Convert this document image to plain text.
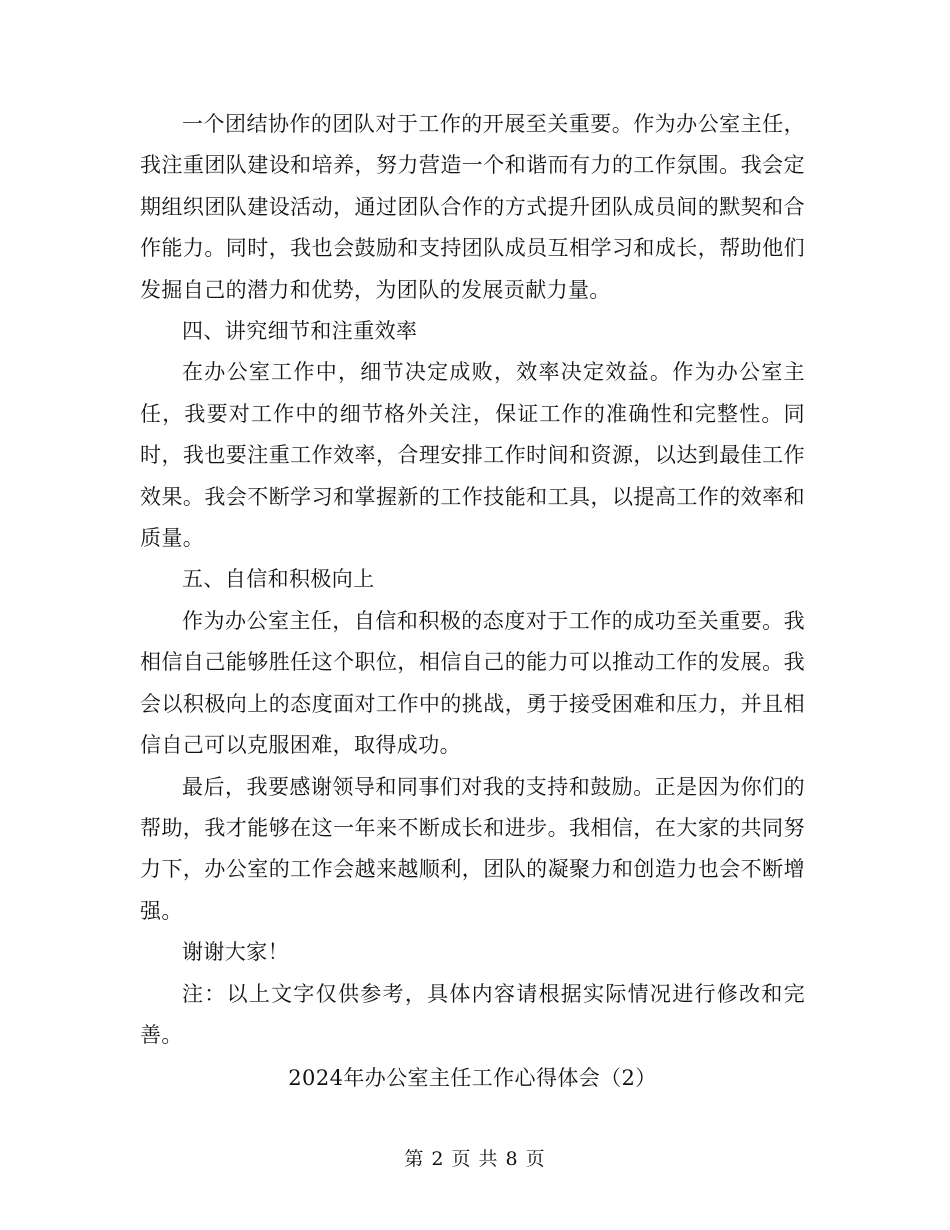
一个团结协作的团队对于工作的开展至关重要。作为办公室主任，我注重团队建设和培养，努力营造一个和谐而有力的工作氛围。我会定期组织团队建设活动，通过团队合作的方式提升团队成员间的默契和合作能力。同时，我也会鼓励和支持团队成员互相学习和成长，帮助他们发掘自己的潜力和优势，为团队的发展贡献力量。

四、讲究细节和注重效率

在办公室工作中，细节决定成败，效率决定效益。作为办公室主任，我要对工作中的细节格外关注，保证工作的准确性和完整性。同时，我也要注重工作效率，合理安排工作时间和资源，以达到最佳工作效果。我会不断学习和掌握新的工作技能和工具，以提高工作的效率和质量。

五、自信和积极向上

作为办公室主任，自信和积极的态度对于工作的成功至关重要。我相信自己能够胜任这个职位，相信自己的能力可以推动工作的发展。我会以积极向上的态度面对工作中的挑战，勇于接受困难和压力，并且相信自己可以克服困难，取得成功。

最后，我要感谢领导和同事们对我的支持和鼓励。正是因为你们的帮助，我才能够在这一年来不断成长和进步。我相信，在大家的共同努力下，办公室的工作会越来越顺利，团队的凝聚力和创造力也会不断增强。

谢谢大家！

注：以上文字仅供参考，具体内容请根据实际情况进行修改和完善。

2024年办公室主任工作心得体会（2）

第 2 页 共 8 页
